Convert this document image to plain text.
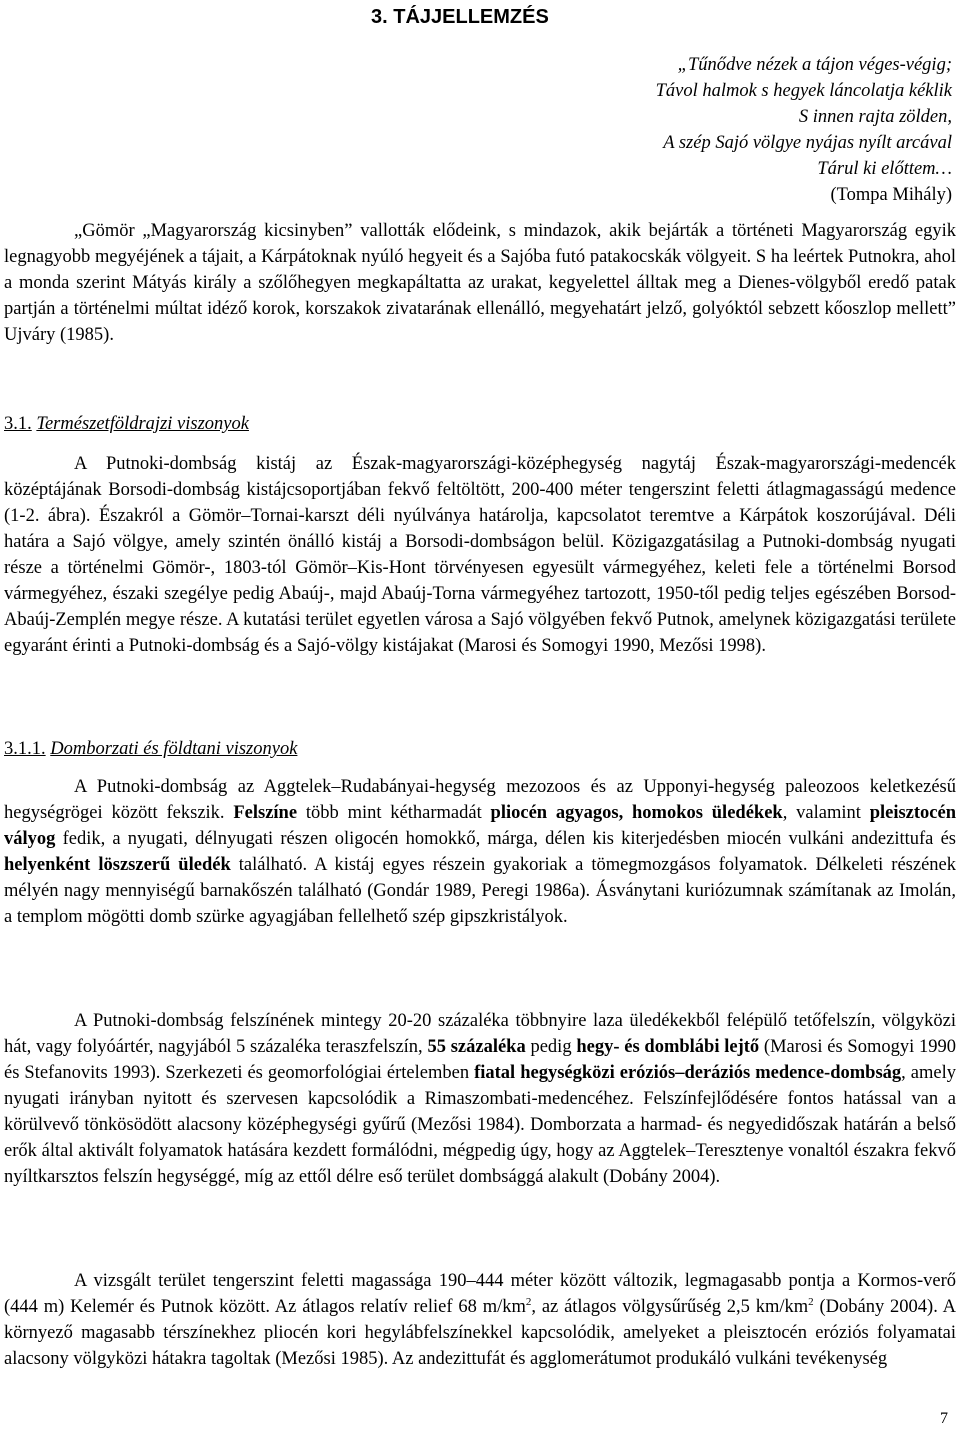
3. TÁJJELLEMZÉS
„Tűnődve nézek a tájon véges-végig;
Távol halmok s hegyek láncolatja kéklik
S innen rajta zölden,
A szép Sajó völgye nyájas nyílt arcával
Tárul ki előttem…
(Tompa Mihály)

„Gömör „Magyarország kicsinyben” vallották elődeink, s mindazok, akik bejárták a történeti Magyarország egyik legnagyobb megyéjének a tájait, a Kárpátoknak nyúló hegyeit és a Sajóba futó patakocskák völgyeit. S ha leértek Putnokra, ahol a monda szerint Mátyás király a szőlőhegyen megkapáltatta az urakat, kegyelettel álltak meg a Dienes-völgyből eredő patak partján a történelmi múltat idéző korok, korszakok zivatarának ellenálló, megyehatárt jelző, golyóktól sebzett kőoszlop mellett” Ujváry (1985).

3.1. Természetföldrajzi viszonyok

A Putnoki-dombság kistáj az Észak-magyarországi-középhegység nagytáj Észak-magyarországi-medencék középtájának Borsodi-dombság kistájcsoportjában fekvő feltöltött, 200-400 méter tengerszint feletti átlagmagasságú medence (1-2. ábra). Északról a Gömör–Tornai-karszt déli nyúlványa határolja, kapcsolatot teremtve a Kárpátok koszorújával. Déli határa a Sajó völgye, amely szintén önálló kistáj a Borsodi-dombságon belül. Közigazgatásilag a Putnoki-dombság nyugati része a történelmi Gömör-, 1803-tól Gömör–Kis-Hont törvényesen egyesült vármegyéhez, keleti fele a történelmi Borsod vármegyéhez, északi szegélye pedig Abaúj-, majd Abaúj-Torna vármegyéhez tartozott, 1950-től pedig teljes egészében Borsod-Abaúj-Zemplén megye része. A kutatási terület egyetlen városa a Sajó völgyében fekvő Putnok, amelynek közigazgatási területe egyaránt érinti a Putnoki-dombság és a Sajó-völgy kistájakat (Marosi és Somogyi 1990, Mezősi 1998).

3.1.1. Domborzati és földtani viszonyok

A Putnoki-dombság az Aggtelek–Rudabányai-hegység mezozoos és az Upponyi-hegység paleozoos keletkezésű hegységrögei között fekszik. Felszíne több mint kétharmadát pliocén agyagos, homokos üledékek, valamint pleisztocén vályog fedik, a nyugati, délnyugati részen oligocén homokkő, márga, délen kis kiterjedésben miocén vulkáni andezittufa és helyenként löszszerű üledék található. A kistáj egyes részein gyakoriak a tömegmozgásos folyamatok. Délkeleti részének mélyén nagy mennyiségű barnakőszén található (Gondár 1989, Peregi 1986a). Ásványtani kuriózumnak számítanak az Imolán, a templom mögötti domb szürke agyagjában fellelhető szép gipszkristályok.

A Putnoki-dombság felszínének mintegy 20-20 százaléka többnyire laza üledékekből felépülő tetőfelszín, völgyközi hát, vagy folyóártér, nagyjából 5 százaléka teraszfelszín, 55 százaléka pedig hegy- és domblábi lejtő (Marosi és Somogyi 1990 és Stefanovits 1993). Szerkezeti és geomorfológiai értelemben fiatal hegységközi eróziós–deráziós medence-dombság, amely nyugati irányban nyitott és szervesen kapcsolódik a Rimaszombati-medencéhez. Felszínfejlődésére fontos hatással van a körülvevő tönkösödött alacsony középhegységi gyűrű (Mezősi 1984). Domborzata a harmad- és negyedidőszak határán a belső erők által aktivált folyamatok hatására kezdett formálódni, mégpedig úgy, hogy az Aggtelek–Teresztenye vonaltól északra fekvő nyíltkarsztos felszín hegységgé, míg az ettől délre eső terület dombsággá alakult (Dobány 2004).

A vizsgált terület tengerszint feletti magassága 190–444 méter között változik, legmagasabb pontja a Kormos-verő (444 m) Kelemér és Putnok között. Az átlagos relatív relief 68 $m/km^2$, az átlagos völgysűrűség 2,5 $km/km^2$ (Dobány 2004). A környező magasabb térszínekhez pliocén kori hegylábfelszínekkel kapcsolódik, amelyeket a pleisztocén eróziós folyamatai alacsony völgyközi hátakra tagoltak (Mezősi 1985). Az andezittufát és agglomerátumot produkáló vulkáni tevékenység

7
